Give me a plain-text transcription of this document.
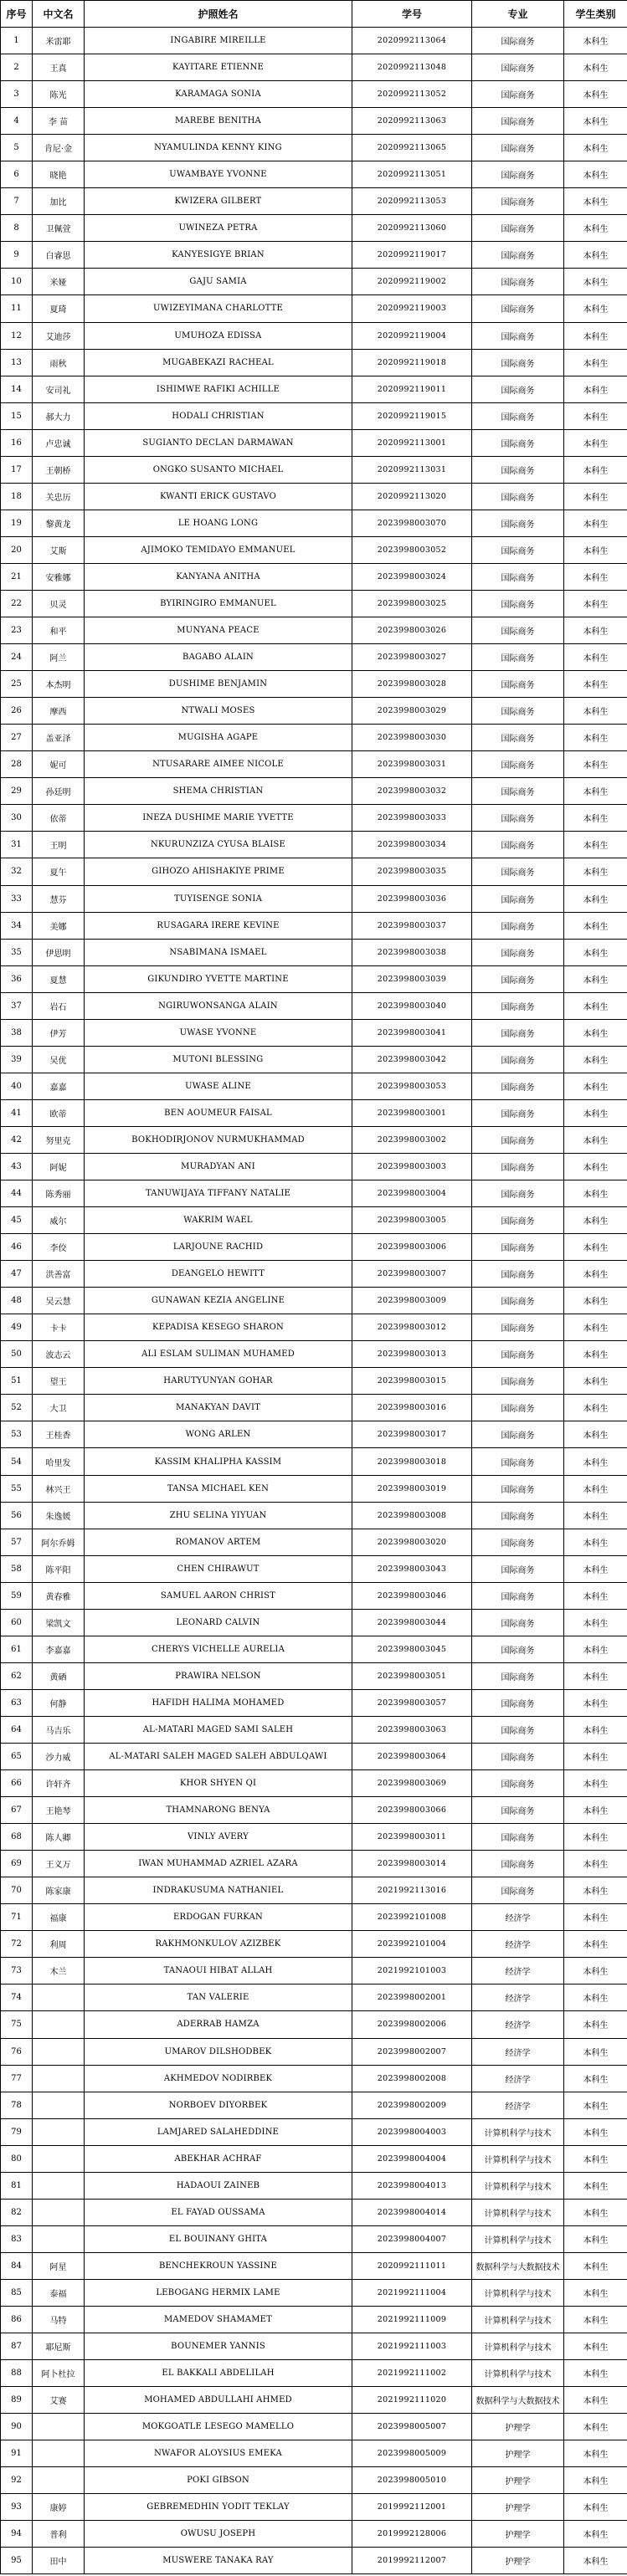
序号	中文名	护照姓名	学号	专业	学生类别
1	米雷耶	INGABIRE MIREILLE	2020992113064	国际商务	本科生
2	王真	KAYITARE ETIENNE	2020992113048	国际商务	本科生
3	陈光	KARAMAGA SONIA	2020992113052	国际商务	本科生
4	李 苗	MAREBE BENITHA	2020992113063	国际商务	本科生
5	肯尼·金	NYAMULINDA KENNY KING	2020992113065	国际商务	本科生
6	晓艳	UWAMBAYE YVONNE	2020992113051	国际商务	本科生
7	加比	KWIZERA GILBERT	2020992113053	国际商务	本科生
8	卫佩萱	UWINEZA PETRA	2020992113060	国际商务	本科生
9	白睿思	KANYESIGYE BRIAN	2020992119017	国际商务	本科生
10	米娅	GAJU SAMIA	2020992119002	国际商务	本科生
11	夏琦	UWIZEYIMANA CHARLOTTE	2020992119003	国际商务	本科生
12	艾迪莎	UMUHOZA EDISSA	2020992119004	国际商务	本科生
13	雨秋	MUGABEKAZI RACHEAL	2020992119018	国际商务	本科生
14	安司礼	ISHIMWE RAFIKI ACHILLE	2020992119011	国际商务	本科生
15	郝大力	HODALI CHRISTIAN	2020992119015	国际商务	本科生
16	卢忠诚	SUGIANTO DECLAN DARMAWAN	2020992113001	国际商务	本科生
17	王朝桥	ONGKO SUSANTO MICHAEL	2020992113031	国际商务	本科生
18	关忠历	KWANTI ERICK GUSTAVO	2020992113020	国际商务	本科生
19	黎黄龙	LE HOANG LONG	2023998003070	国际商务	本科生
20	艾斯	AJIMOKO TEMIDAYO EMMANUEL	2023998003052	国际商务	本科生
21	安雅娜	KANYANA ANITHA	2023998003024	国际商务	本科生
22	贝灵	BYIRINGIRO EMMANUEL	2023998003025	国际商务	本科生
23	和平	MUNYANA PEACE	2023998003026	国际商务	本科生
24	阿兰	BAGABO ALAIN	2023998003027	国际商务	本科生
25	本杰明	DUSHIME BENJAMIN	2023998003028	国际商务	本科生
26	摩西	NTWALI MOSES	2023998003029	国际商务	本科生
27	盖亚泽	MUGISHA AGAPE	2023998003030	国际商务	本科生
28	妮可	NTUSARARE AIMEE NICOLE	2023998003031	国际商务	本科生
29	孙廷明	SHEMA CHRISTIAN	2023998003032	国际商务	本科生
30	依蒂	INEZA DUSHIME MARIE YVETTE	2023998003033	国际商务	本科生
31	王明	NKURUNZIZA CYUSA BLAISE	2023998003034	国际商务	本科生
32	夏午	GIHOZO AHISHAKIYE PRIME	2023998003035	国际商务	本科生
33	慧芬	TUYISENGE SONIA	2023998003036	国际商务	本科生
34	美娜	RUSAGARA IRERE KEVINE	2023998003037	国际商务	本科生
35	伊思明	NSABIMANA ISMAEL	2023998003038	国际商务	本科生
36	夏慧	GIKUNDIRO YVETTE MARTINE	2023998003039	国际商务	本科生
37	岩石	NGIRUWONSANGA ALAIN	2023998003040	国际商务	本科生
38	伊芳	UWASE YVONNE	2023998003041	国际商务	本科生
39	吴优	MUTONI BLESSING	2023998003042	国际商务	本科生
40	嘉嘉	UWASE ALINE	2023998003053	国际商务	本科生
41	欧蒂	BEN AOUMEUR FAISAL	2023998003001	国际商务	本科生
42	努里克	BOKHODIRJONOV NURMUKHAMMAD	2023998003002	国际商务	本科生
43	阿妮	MURADYAN ANI	2023998003003	国际商务	本科生
44	陈秀丽	TANUWIJAYA TIFFANY NATALIE	2023998003004	国际商务	本科生
45	威尔	WAKRIM WAEL	2023998003005	国际商务	本科生
46	李佼	LARJOUNE RACHID	2023998003006	国际商务	本科生
47	洪善富	DEANGELO HEWITT	2023998003007	国际商务	本科生
48	吴云慧	GUNAWAN KEZIA ANGELINE	2023998003009	国际商务	本科生
49	卡卡	KEPADISA KESEGO SHARON	2023998003012	国际商务	本科生
50	波志云	ALI ESLAM SULIMAN MUHAMED	2023998003013	国际商务	本科生
51	望王	HARUTYUNYAN GOHAR	2023998003015	国际商务	本科生
52	大卫	MANAKYAN DAVIT	2023998003016	国际商务	本科生
53	王桂香	WONG ARLEN	2023998003017	国际商务	本科生
54	哈里发	KASSIM KHALIPHA KASSIM	2023998003018	国际商务	本科生
55	林兴王	TANSA MICHAEL KEN	2023998003019	国际商务	本科生
56	朱逸媛	ZHU SELINA YIYUAN	2023998003008	国际商务	本科生
57	阿尔乔姆	ROMANOV ARTEM	2023998003020	国际商务	本科生
58	陈平阳	CHEN CHIRAWUT	2023998003043	国际商务	本科生
59	黄春雅	SAMUEL AARON CHRIST	2023998003046	国际商务	本科生
60	梁凯文	LEONARD CALVIN	2023998003044	国际商务	本科生
61	李嘉嘉	CHERYS VICHELLE AURELIA	2023998003045	国际商务	本科生
62	黄硒	PRAWIRA NELSON	2023998003051	国际商务	本科生
63	何静	HAFIDH HALIMA MOHAMED	2023998003057	国际商务	本科生
64	马吉乐	AL-MATARI MAGED SAMI SALEH	2023998003063	国际商务	本科生
65	沙力威	AL-MATARI SALEH MAGED SALEH ABDULQAWI	2023998003064	国际商务	本科生
66	许轩齐	KHOR SHYEN QI	2023998003069	国际商务	本科生
67	王艳琴	THAMNARONG BENYA	2023998003066	国际商务	本科生
68	陈人卿	VINLY AVERY	2023998003011	国际商务	本科生
69	王义万	IWAN MUHAMMAD AZRIEL AZARA	2023998003014	国际商务	本科生
70	陈家康	INDRAKUSUMA NATHANIEL	2021992113016	国际商务	本科生
71	福康	ERDOGAN FURKAN	2023992101008	经济学	本科生
72	利周	RAKHMONKULOV AZIZBEK	2023992101004	经济学	本科生
73	木兰	TANAOUI HIBAT ALLAH	2021992101003	经济学	本科生
74		TAN VALERIE	2023998002001	经济学	本科生
75		ADERRAB HAMZA	2023998002006	经济学	本科生
76		UMAROV DILSHODBEK	2023998002007	经济学	本科生
77		AKHMEDOV NODIRBEK	2023998002008	经济学	本科生
78		NORBOEV DIYORBEK	2023998002009	经济学	本科生
79		LAMJARED SALAHEDDINE	2023998004003	计算机科学与技术	本科生
80		ABEKHAR ACHRAF	2023998004004	计算机科学与技术	本科生
81		HADAOUI ZAINEB	2023998004013	计算机科学与技术	本科生
82		EL FAYAD OUSSAMA	2023998004014	计算机科学与技术	本科生
83		EL BOUINANY GHITA	2023998004007	计算机科学与技术	本科生
84	阿星	BENCHEKROUN YASSINE	2020992111011	数据科学与大数据技术	本科生
85	泰福	LEBOGANG HERMIX LAME	2021992111004	计算机科学与技术	本科生
86	马特	MAMEDOV SHAMAMET	2021992111009	计算机科学与技术	本科生
87	耶尼斯	BOUNEMER YANNIS	2021992111003	计算机科学与技术	本科生
88	阿卜杜拉	EL BAKKALI ABDELILAH	2021992111002	计算机科学与技术	本科生
89	艾赛	MOHAMED ABDULLAHI AHMED	2021992111020	数据科学与大数据技术	本科生
90		MOKGOATLE LESEGO MAMELLO	2023998005007	护理学	本科生
91		NWAFOR ALOYSIUS EMEKA	2023998005009	护理学	本科生
92		POKI GIBSON	2023998005010	护理学	本科生
93	康婷	GEBREMEDHIN YODIT TEKLAY	2019992112001	护理学	本科生
94	普利	OWUSU JOSEPH	2019992128006	护理学	本科生
95	田中	MUSWERE TANAKA RAY	2019992112007	护理学	本科生
